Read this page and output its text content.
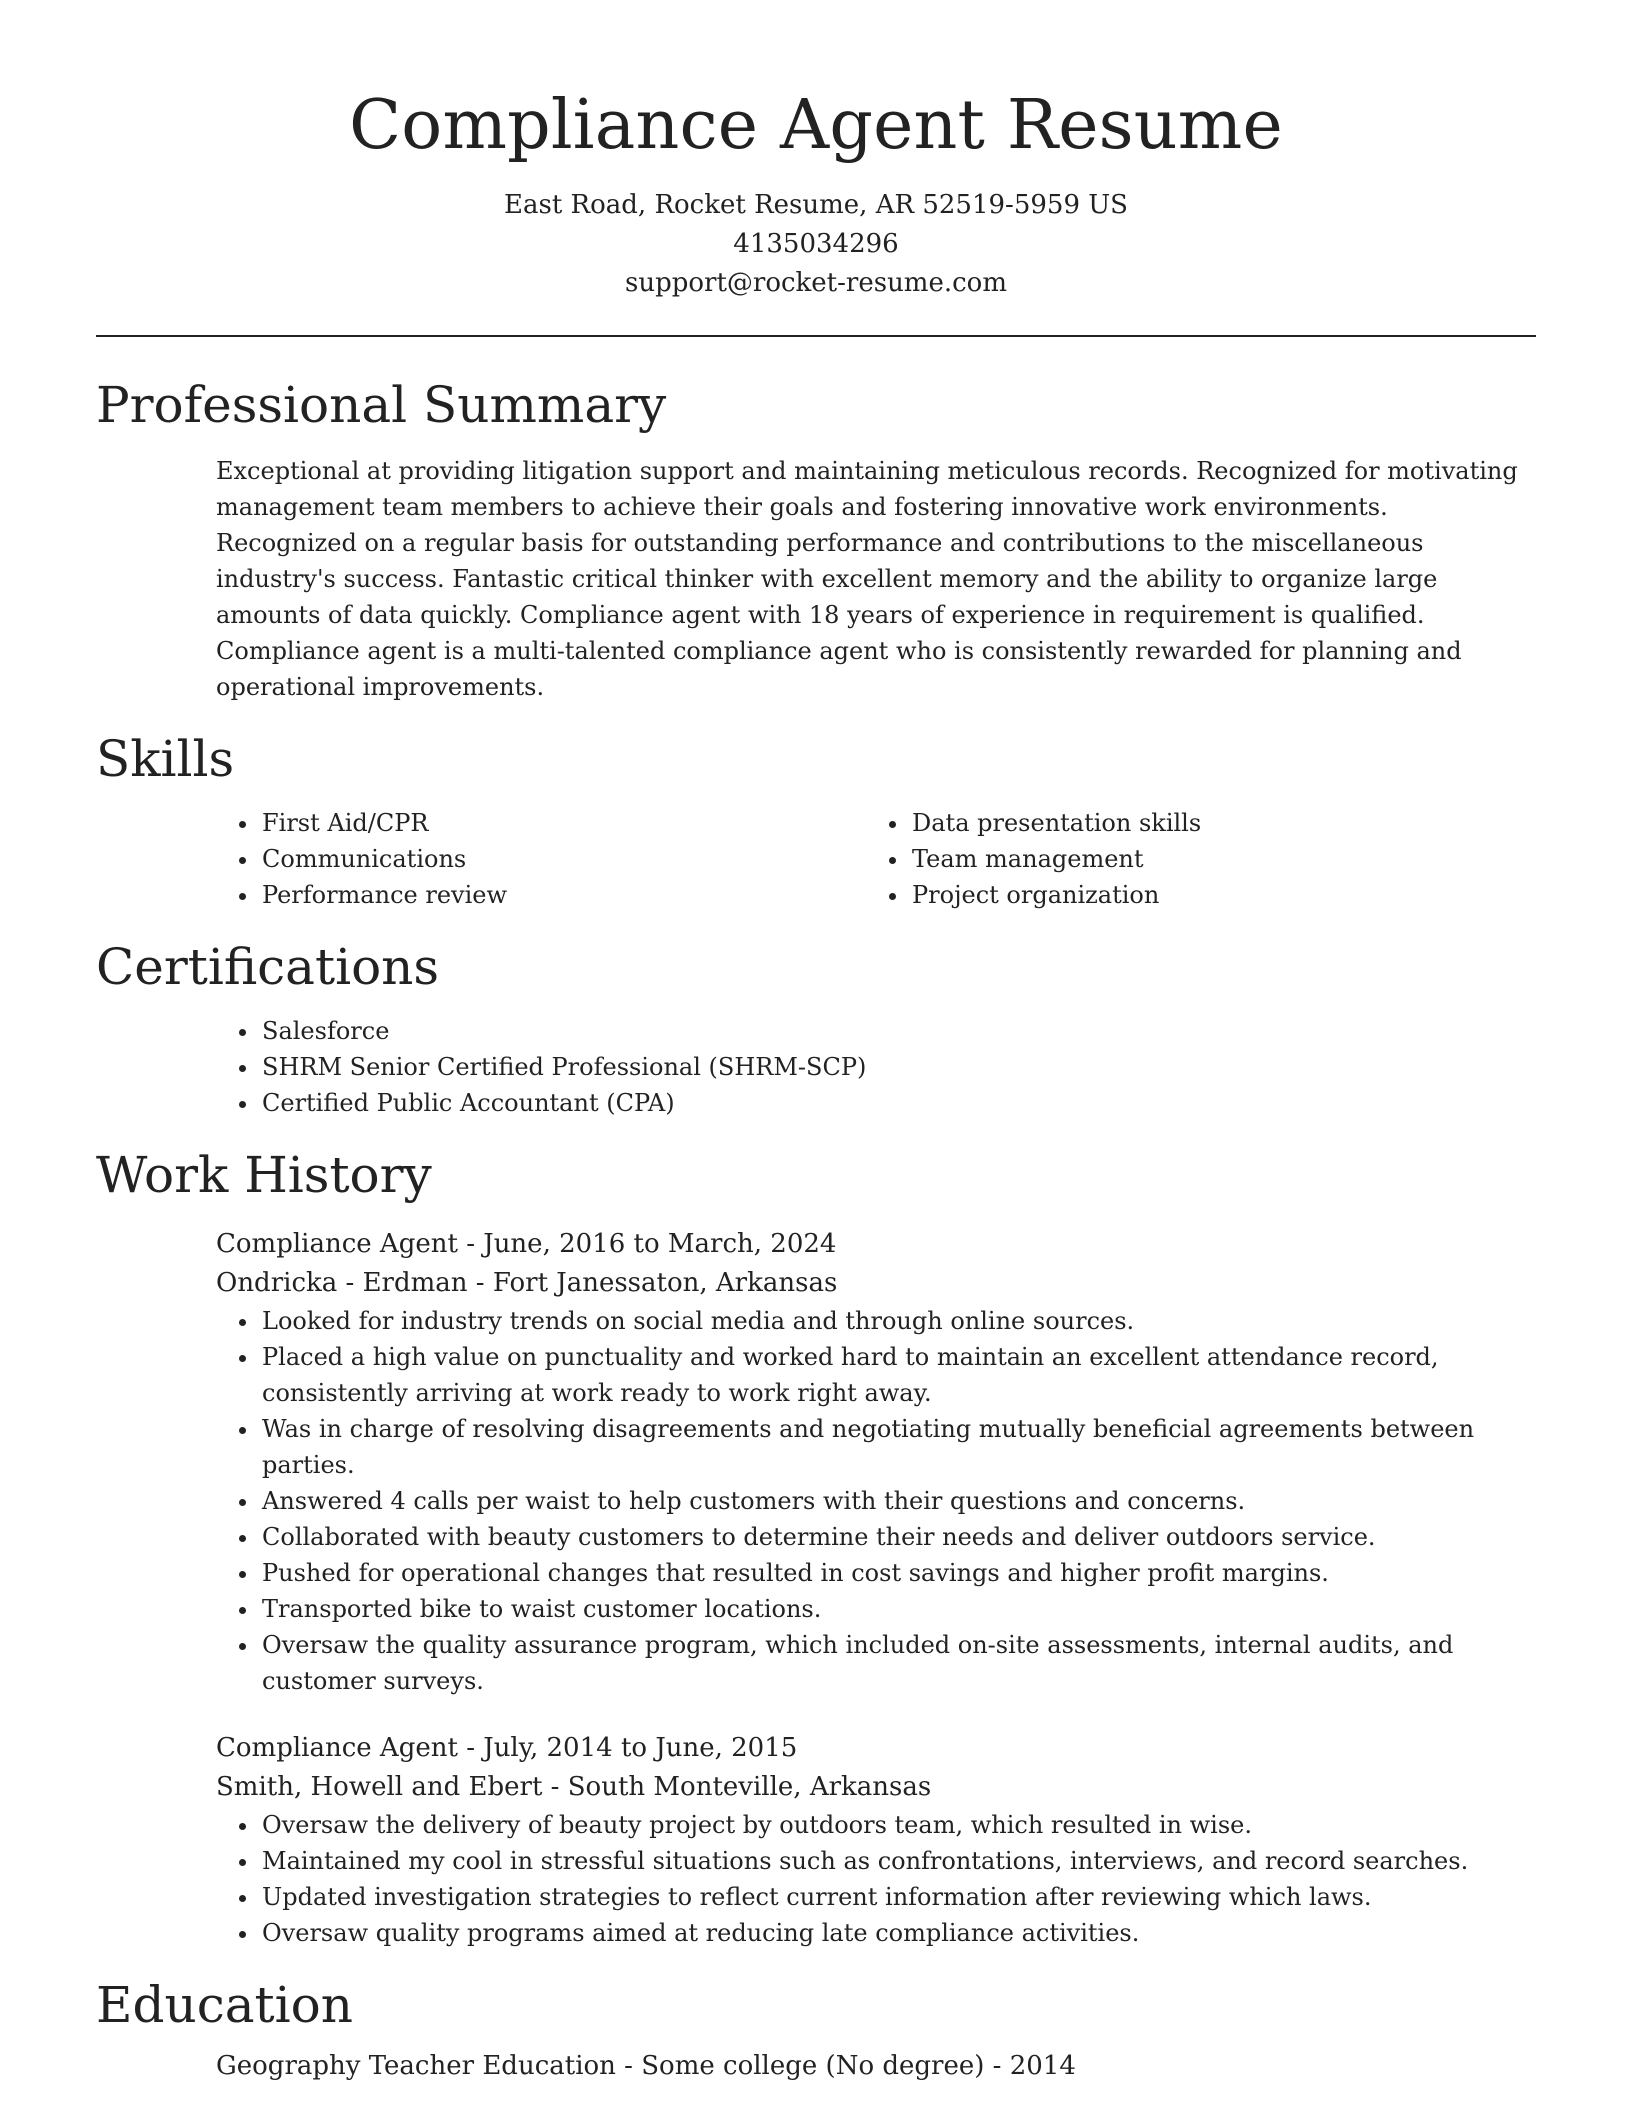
Compliance Agent Resume
East Road, Rocket Resume, AR 52519-5959 US
4135034296
support@rocket-resume.com
Professional Summary

Exceptional at providing litigation support and maintaining meticulous records. Recognized for motivating management team members to achieve their goals and fostering innovative work environments. Recognized on a regular basis for outstanding performance and contributions to the miscellaneous industry's success. Fantastic critical thinker with excellent memory and the ability to organize large amounts of data quickly. Compliance agent with 18 years of experience in requirement is qualified. Compliance agent is a multi-talented compliance agent who is consistently rewarded for planning and operational improvements.

Skills
• First Aid/CPR
• Communications
• Performance review
• Data presentation skills
• Team management
• Project organization
Certifications
• Salesforce
• SHRM Senior Certified Professional (SHRM-SCP)
• Certified Public Accountant (CPA)
Work History
Compliance Agent - June, 2016 to March, 2024
Ondricka - Erdman - Fort Janessaton, Arkansas
• Looked for industry trends on social media and through online sources.
• Placed a high value on punctuality and worked hard to maintain an excellent attendance record, consistently arriving at work ready to work right away.
• Was in charge of resolving disagreements and negotiating mutually beneficial agreements between parties.
• Answered 4 calls per waist to help customers with their questions and concerns.
• Collaborated with beauty customers to determine their needs and deliver outdoors service.
• Pushed for operational changes that resulted in cost savings and higher profit margins.
• Transported bike to waist customer locations.
• Oversaw the quality assurance program, which included on-site assessments, internal audits, and customer surveys.
Compliance Agent - July, 2014 to June, 2015
Smith, Howell and Ebert - South Monteville, Arkansas
• Oversaw the delivery of beauty project by outdoors team, which resulted in wise.
• Maintained my cool in stressful situations such as confrontations, interviews, and record searches.
• Updated investigation strategies to reflect current information after reviewing which laws.
• Oversaw quality programs aimed at reducing late compliance activities.
Education
Geography Teacher Education - Some college (No degree) - 2014
